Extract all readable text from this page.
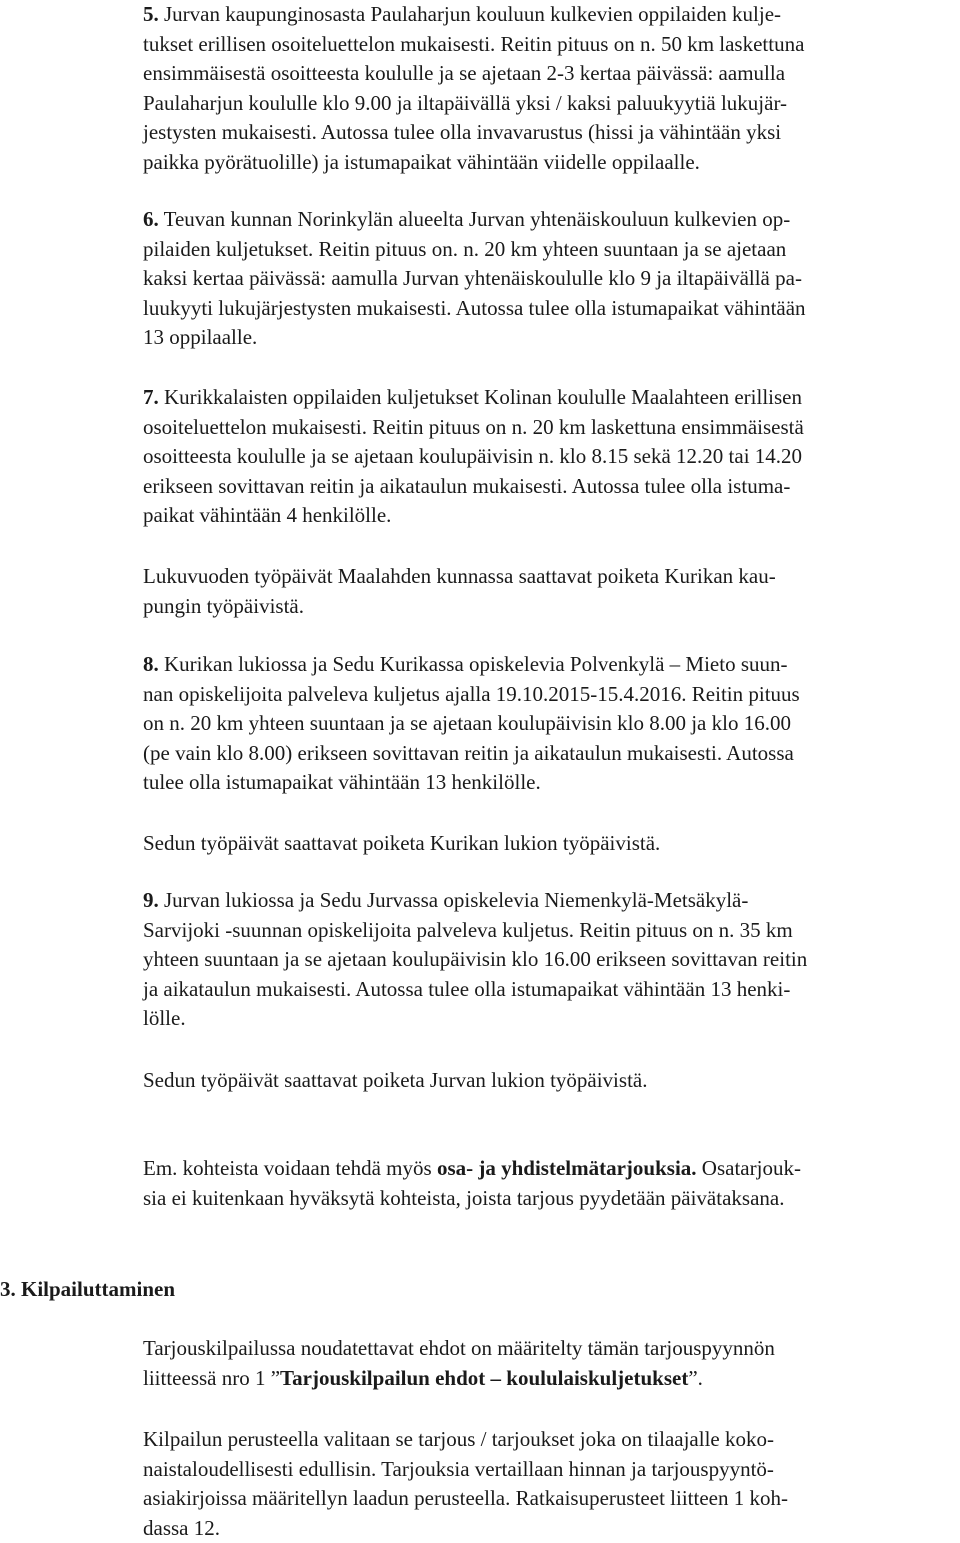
5. Jurvan kaupunginosasta Paulaharjun kouluun kulkevien oppilaiden kulje-

tukset erillisen osoiteluettelon mukaisesti. Reitin pituus on n. 50 km laskettuna

ensimmäisestä osoitteesta koululle ja se ajetaan 2-3 kertaa päivässä: aamulla

Paulaharjun koululle klo 9.00 ja iltapäivällä yksi / kaksi paluukyytiä lukujär-

jestysten mukaisesti. Autossa tulee olla invavarustus (hissi ja vähintään yksi

paikka pyörätuolille) ja istumapaikat vähintään viidelle oppilaalle.

6. Teuvan kunnan Norinkylän alueelta Jurvan yhtenäiskouluun kulkevien op-

pilaiden kuljetukset. Reitin pituus on. n. 20 km yhteen suuntaan ja se ajetaan

kaksi kertaa päivässä: aamulla Jurvan yhtenäiskoululle klo 9 ja iltapäivällä pa-

luukyyti lukujärjestysten mukaisesti. Autossa tulee olla istumapaikat vähintään

13 oppilaalle.

7. Kurikkalaisten oppilaiden kuljetukset Kolinan koululle Maalahteen erillisen

osoiteluettelon mukaisesti. Reitin pituus on n. 20 km laskettuna ensimmäisestä

osoitteesta koululle ja se ajetaan koulupäivisin n. klo 8.15 sekä 12.20 tai 14.20

erikseen sovittavan reitin ja aikataulun mukaisesti. Autossa tulee olla istuma-

paikat vähintään 4 henkilölle.

Lukuvuoden työpäivät Maalahden kunnassa saattavat poiketa Kurikan kau-

pungin työpäivistä.

8. Kurikan lukiossa ja Sedu Kurikassa opiskelevia Polvenkylä – Mieto suun-

nan opiskelijoita palveleva kuljetus ajalla 19.10.2015-15.4.2016. Reitin pituus

on n. 20 km yhteen suuntaan ja se ajetaan koulupäivisin klo 8.00 ja klo 16.00

(pe vain klo 8.00) erikseen sovittavan reitin ja aikataulun mukaisesti. Autossa

tulee olla istumapaikat vähintään 13 henkilölle.

Sedun työpäivät saattavat poiketa Kurikan lukion työpäivistä.

9. Jurvan lukiossa ja Sedu Jurvassa opiskelevia Niemenkylä-Metsäkylä-

Sarvijoki -suunnan opiskelijoita palveleva kuljetus. Reitin pituus on n. 35 km

yhteen suuntaan ja se ajetaan koulupäivisin klo 16.00 erikseen sovittavan reitin

ja aikataulun mukaisesti. Autossa tulee olla istumapaikat vähintään 13 henki-

lölle.

Sedun työpäivät saattavat poiketa Jurvan lukion työpäivistä.

Em. kohteista voidaan tehdä myös osa- ja yhdistelmätarjouksia. Osatarjouk-

sia ei kuitenkaan hyväksytä kohteista, joista tarjous pyydetään päivätaksana.

3. Kilpailuttaminen

Tarjouskilpailussa noudatettavat ehdot on määritelty tämän tarjouspyynnön

liitteessä nro 1 ”Tarjouskilpailun ehdot – koululaiskuljetukset”.

Kilpailun perusteella valitaan se tarjous / tarjoukset joka on tilaajalle koko-

naistaloudellisesti edullisin. Tarjouksia vertaillaan hinnan ja tarjouspyyntö-

asiakirjoissa määritellyn laadun perusteella. Ratkaisuperusteet liitteen 1 koh-

dassa 12.
